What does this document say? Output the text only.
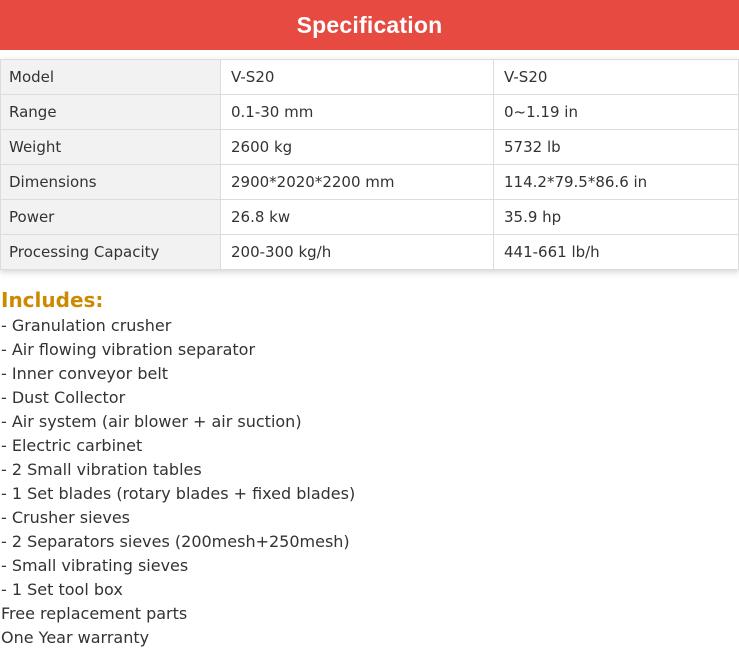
Specification
Model	V-S20	V-S20
Range	0.1-30 mm	0~1.19 in
Weight	2600 kg	5732 lb
Dimensions	2900*2020*2200 mm	114.2*79.5*86.6 in
Power	26.8 kw	35.9 hp
Processing Capacity	200-300 kg/h	441-661 lb/h
Includes:
- Granulation crusher
- Air flowing vibration separator
- Inner conveyor belt
- Dust Collector
- Air system (air blower + air suction)
- Electric carbinet
- 2 Small vibration tables
- 1 Set blades (rotary blades + fixed blades)
- Crusher sieves
- 2 Separators sieves (200mesh+250mesh)
- Small vibrating sieves
- 1 Set tool box
Free replacement parts
One Year warranty
